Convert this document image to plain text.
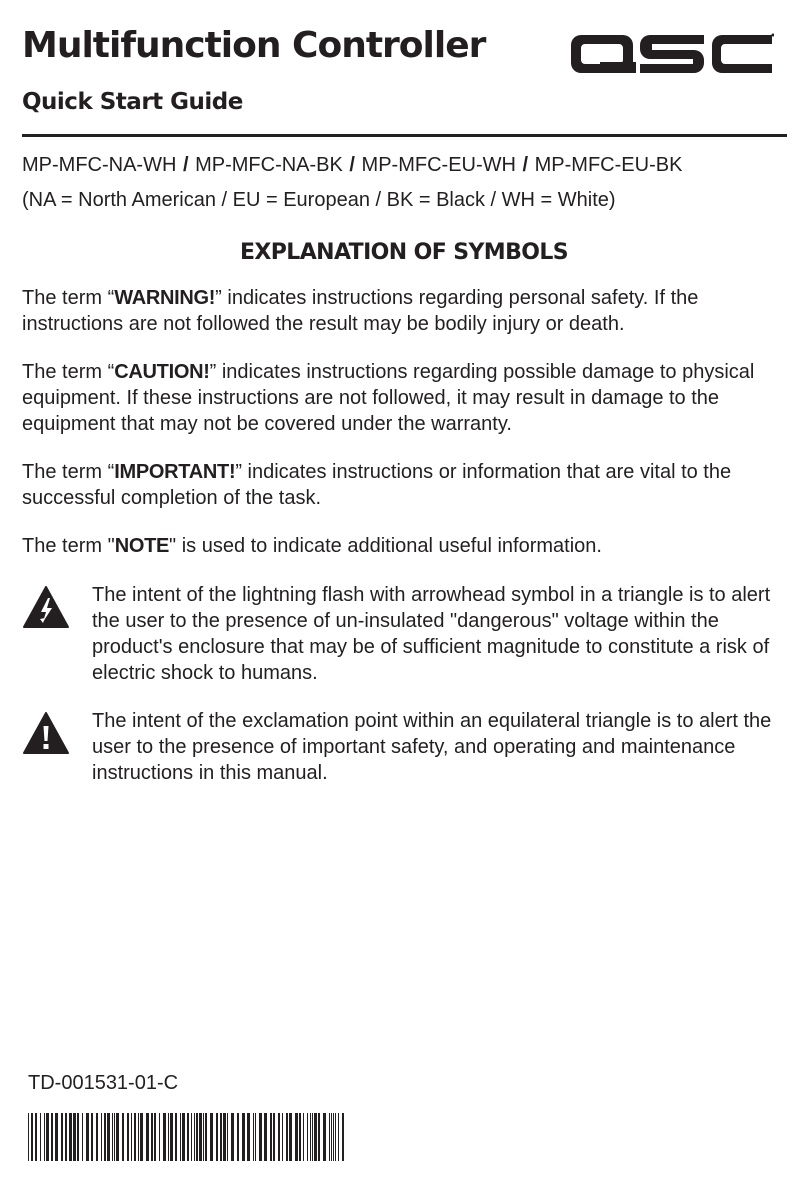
Multifunction Controller
Quick Start Guide
MP-MFC-NA-WH / MP-MFC-NA-BK / MP-MFC-EU-WH / MP-MFC-EU-BK
(NA = North American / EU = European / BK = Black / WH = White)
EXPLANATION OF SYMBOLS

The term “WARNING!” indicates instructions regarding personal safety. If the instructions are not followed the result may be bodily injury or death.

The term “CAUTION!” indicates instructions regarding possible damage to physical equipment. If these instructions are not followed, it may result in damage to the equipment that may not be covered under the warranty.

The term “IMPORTANT!” indicates instructions or information that are vital to the successful completion of the task.

The term "NOTE" is used to indicate additional useful information.

The intent of the lightning flash with arrowhead symbol in a triangle is to alert the user to the presence of un-insulated "dangerous" voltage within the product's enclosure that may be of sufficient magnitude to constitute a risk of electric shock to humans.

The intent of the exclamation point within an equilateral triangle is to alert the user to the presence of important safety, and operating and maintenance instructions in this manual.

TD-001531-01-C
